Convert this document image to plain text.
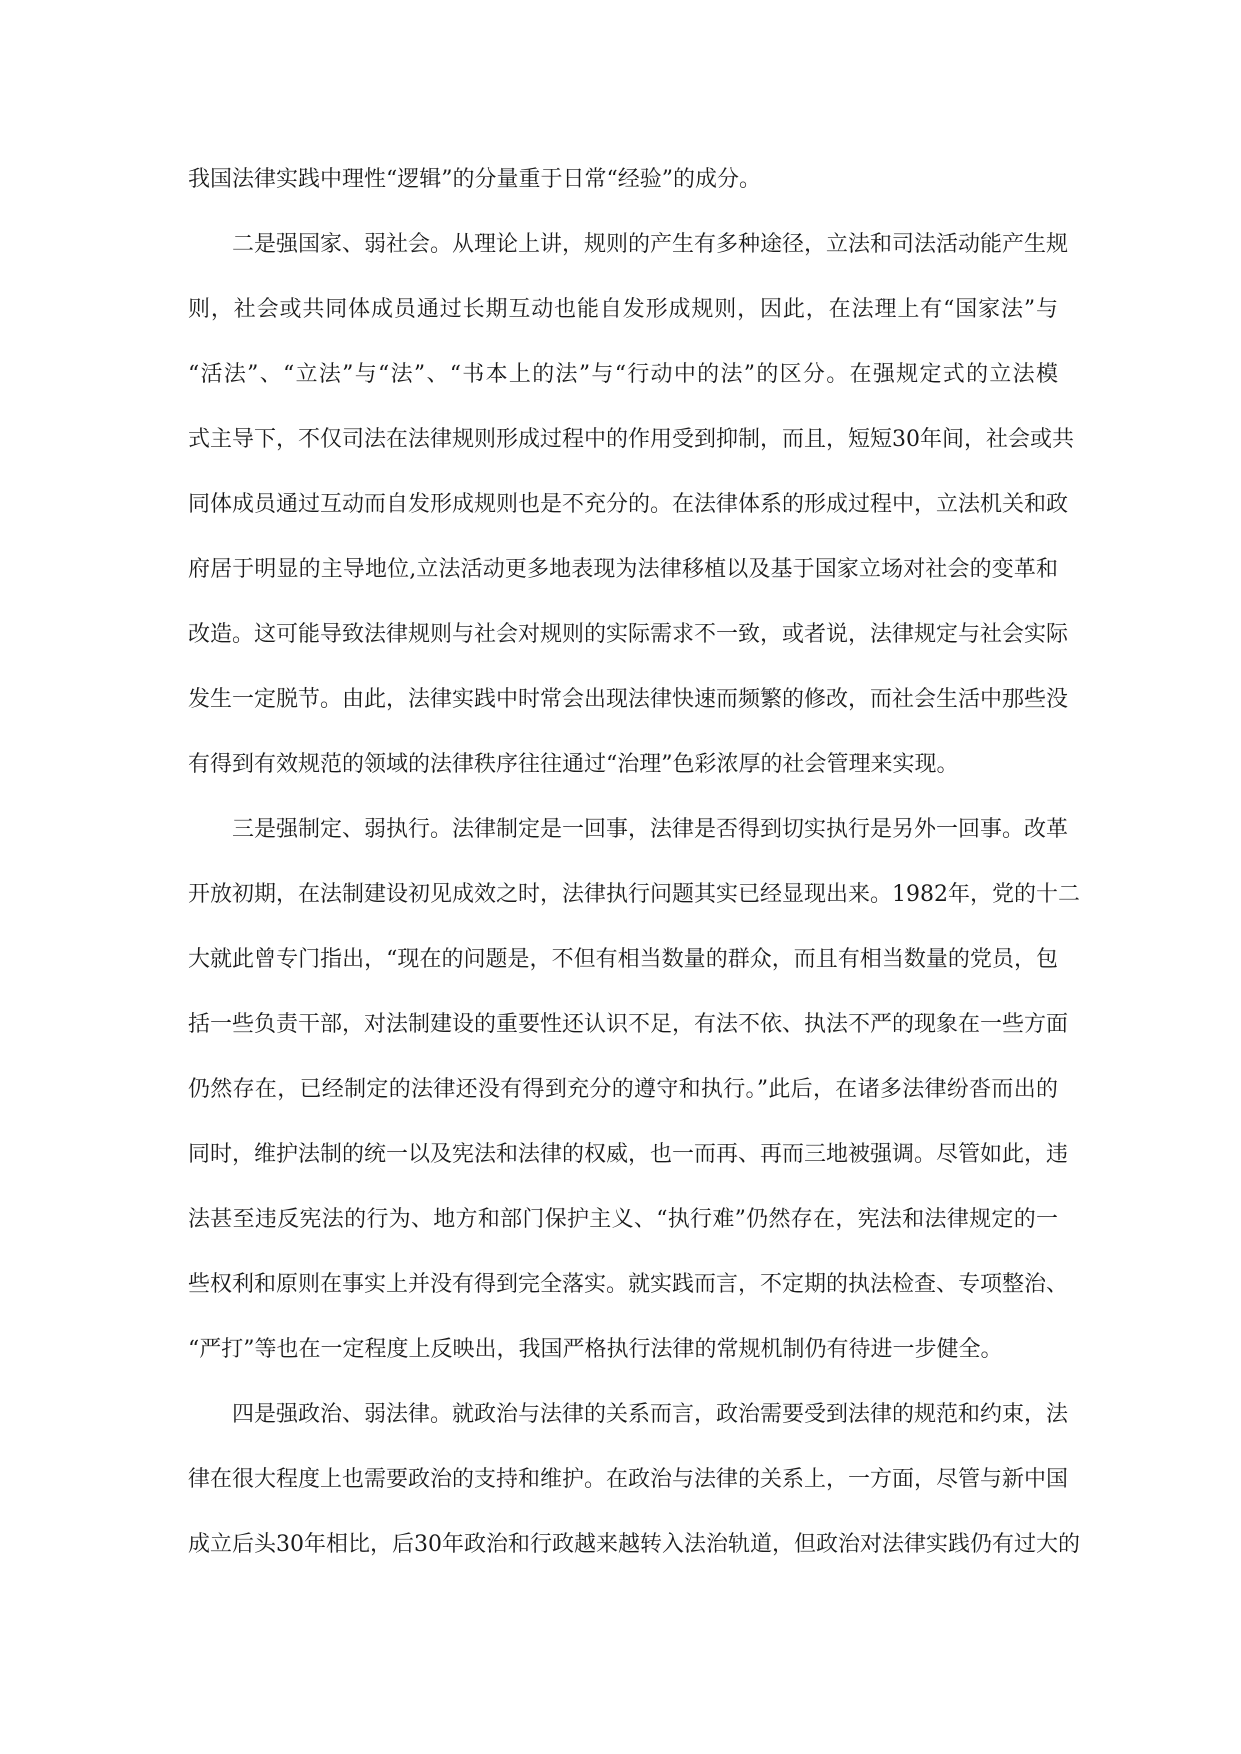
我国法律实践中理性“逻辑”的分量重于日常“经验”的成分。
二是强国家、弱社会。从理论上讲，规则的产生有多种途径，立法和司法活动能产生规
则，社会或共同体成员通过长期互动也能自发形成规则，因此，在法理上有“国家法”与
“活法”、“立法”与“法”、“书本上的法”与“行动中的法”的区分。在强规定式的立法模
式主导下，不仅司法在法律规则形成过程中的作用受到抑制，而且，短短30年间，社会或共
同体成员通过互动而自发形成规则也是不充分的。在法律体系的形成过程中，立法机关和政
府居于明显的主导地位,立法活动更多地表现为法律移植以及基于国家立场对社会的变革和
改造。这可能导致法律规则与社会对规则的实际需求不一致，或者说，法律规定与社会实际
发生一定脱节。由此，法律实践中时常会出现法律快速而频繁的修改，而社会生活中那些没
有得到有效规范的领域的法律秩序往往通过“治理”色彩浓厚的社会管理来实现。
三是强制定、弱执行。法律制定是一回事，法律是否得到切实执行是另外一回事。改革
开放初期，在法制建设初见成效之时，法律执行问题其实已经显现出来。1982年，党的十二
大就此曾专门指出，“现在的问题是，不但有相当数量的群众，而且有相当数量的党员，包
括一些负责干部，对法制建设的重要性还认识不足，有法不依、执法不严的现象在一些方面
仍然存在，已经制定的法律还没有得到充分的遵守和执行。”此后，在诸多法律纷沓而出的
同时，维护法制的统一以及宪法和法律的权威，也一而再、再而三地被强调。尽管如此，违
法甚至违反宪法的行为、地方和部门保护主义、“执行难”仍然存在，宪法和法律规定的一
些权利和原则在事实上并没有得到完全落实。就实践而言，不定期的执法检查、专项整治、
“严打”等也在一定程度上反映出，我国严格执行法律的常规机制仍有待进一步健全。
四是强政治、弱法律。就政治与法律的关系而言，政治需要受到法律的规范和约束，法
律在很大程度上也需要政治的支持和维护。在政治与法律的关系上，一方面，尽管与新中国
成立后头30年相比，后30年政治和行政越来越转入法治轨道，但政治对法律实践仍有过大的
